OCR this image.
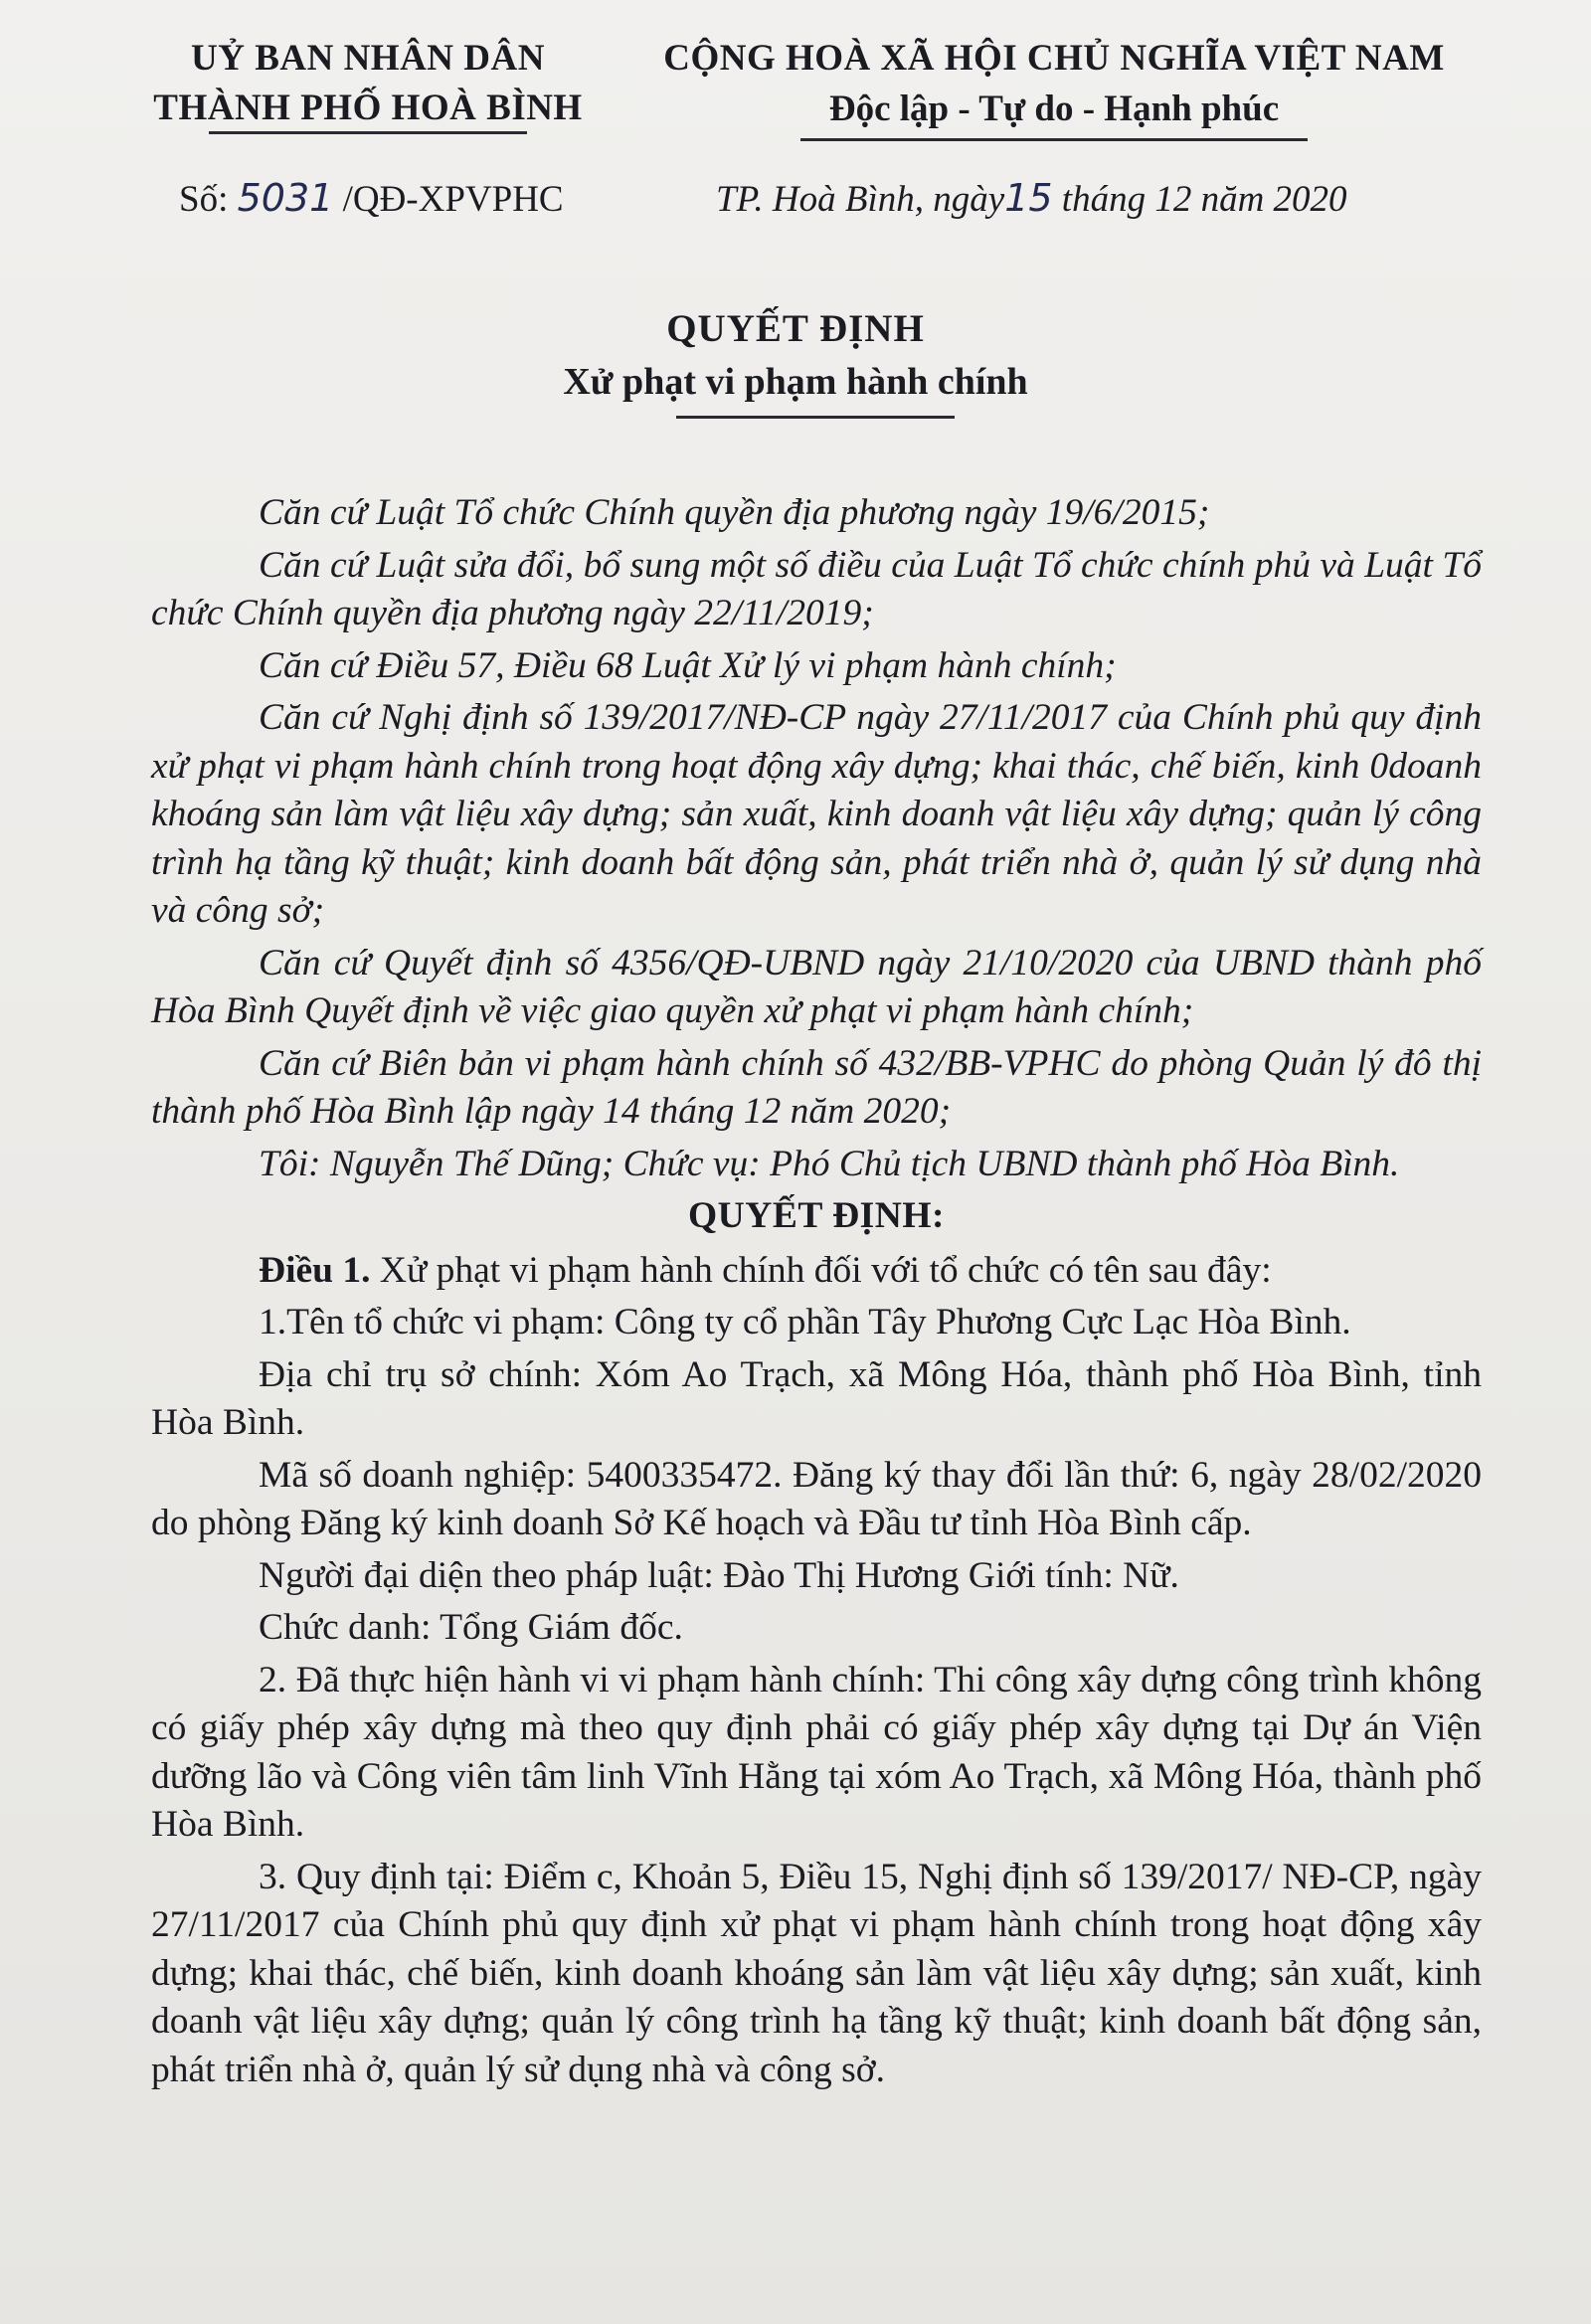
UỶ BAN NHÂN DÂN
THÀNH PHỐ HOÀ BÌNH
CỘNG HOÀ XÃ HỘI CHỦ NGHĨA VIỆT NAM
Độc lập - Tự do - Hạnh phúc
Số: 5031 /QĐ-XPVPHC	TP. Hoà Bình, ngày15 tháng 12 năm 2020
QUYẾT ĐỊNH
Xử phạt vi phạm hành chính

Căn cứ Luật Tổ chức Chính quyền địa phương ngày 19/6/2015;

Căn cứ Luật sửa đổi, bổ sung một số điều của Luật Tổ chức chính phủ và Luật Tổ chức Chính quyền địa phương ngày 22/11/2019;

Căn cứ Điều 57, Điều 68 Luật Xử lý vi phạm hành chính;

Căn cứ Nghị định số 139/2017/NĐ-CP ngày 27/11/2017 của Chính phủ quy định xử phạt vi phạm hành chính trong hoạt động xây dựng; khai thác, chế biến, kinh 0doanh khoáng sản làm vật liệu xây dựng; sản xuất, kinh doanh vật liệu xây dựng; quản lý công trình hạ tầng kỹ thuật; kinh doanh bất động sản, phát triển nhà ở, quản lý sử dụng nhà và công sở;

Căn cứ Quyết định số 4356/QĐ-UBND ngày 21/10/2020 của UBND thành phố Hòa Bình Quyết định về việc giao quyền xử phạt vi phạm hành chính;

Căn cứ Biên bản vi phạm hành chính số 432/BB-VPHC do phòng Quản lý đô thị thành phố Hòa Bình lập ngày 14 tháng 12 năm 2020;

Tôi: Nguyễn Thế Dũng; Chức vụ: Phó Chủ tịch UBND thành phố Hòa Bình.

QUYẾT ĐỊNH:

Điều 1. Xử phạt vi phạm hành chính đối với tổ chức có tên sau đây:

1.Tên tổ chức vi phạm: Công ty cổ phần Tây Phương Cực Lạc Hòa Bình.

Địa chỉ trụ sở chính: Xóm Ao Trạch, xã Mông Hóa, thành phố Hòa Bình, tỉnh Hòa Bình.

Mã số doanh nghiệp: 5400335472. Đăng ký thay đổi lần thứ: 6, ngày 28/02/2020 do phòng Đăng ký kinh doanh Sở Kế hoạch và Đầu tư tỉnh Hòa Bình cấp.

Người đại diện theo pháp luật: Đào Thị Hương Giới tính: Nữ.

Chức danh: Tổng Giám đốc.

2. Đã thực hiện hành vi vi phạm hành chính: Thi công xây dựng công trình không có giấy phép xây dựng mà theo quy định phải có giấy phép xây dựng tại Dự án Viện dưỡng lão và Công viên tâm linh Vĩnh Hằng tại xóm Ao Trạch, xã Mông Hóa, thành phố Hòa Bình.

3. Quy định tại: Điểm c, Khoản 5, Điều 15, Nghị định số 139/2017/ NĐ-CP, ngày 27/11/2017 của Chính phủ quy định xử phạt vi phạm hành chính trong hoạt động xây dựng; khai thác, chế biến, kinh doanh khoáng sản làm vật liệu xây dựng; sản xuất, kinh doanh vật liệu xây dựng; quản lý công trình hạ tầng kỹ thuật; kinh doanh bất động sản, phát triển nhà ở, quản lý sử dụng nhà và công sở.
